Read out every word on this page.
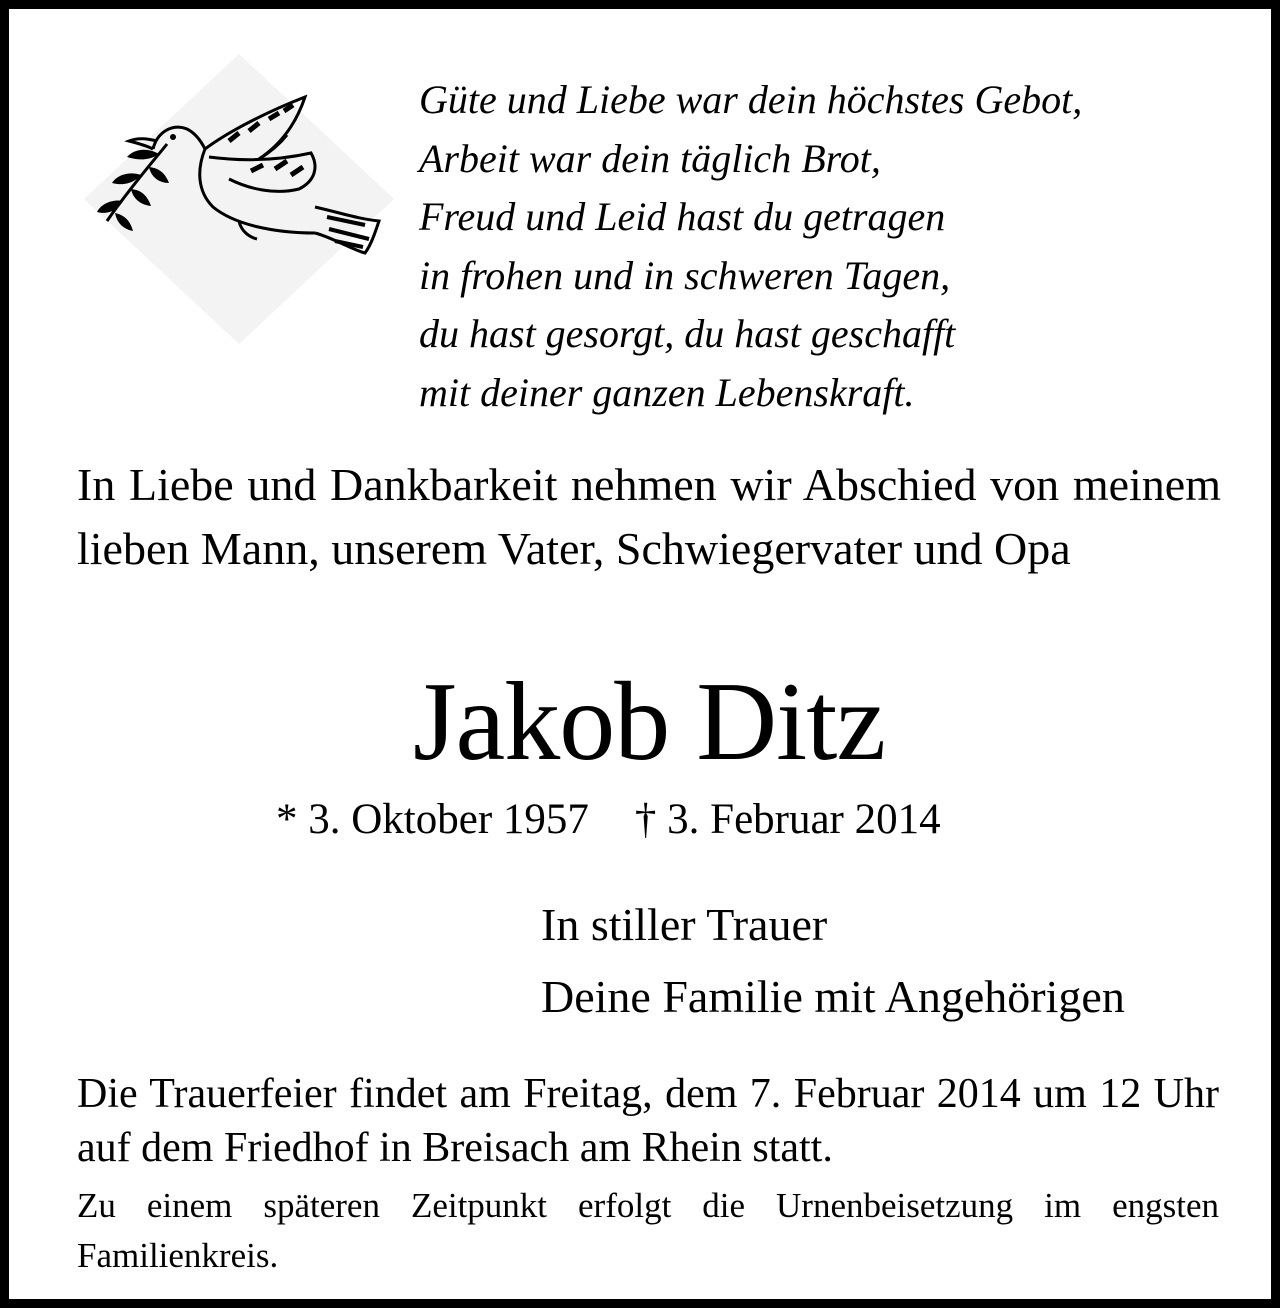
Güte und Liebe war dein höchstes Gebot,
Arbeit war dein täglich Brot,
Freud und Leid hast du getragen
in frohen und in schweren Tagen,
du hast gesorgt, du hast geschafft
mit deiner ganzen Lebenskraft.
In Liebe und Dankbarkeit nehmen wir Abschied von meinem lieben Mann, unserem Vater, Schwiegervater und Opa
Jakob Ditz
* 3. Oktober 1957 † 3. Februar 2014
In stiller Trauer
Deine Familie mit Angehörigen
Die Trauerfeier findet am Freitag, dem 7. Februar 2014 um 12 Uhr auf dem Friedhof in Breisach am Rhein statt.
Zu einem späteren Zeitpunkt erfolgt die Urnenbeisetzung im engsten Familienkreis.
